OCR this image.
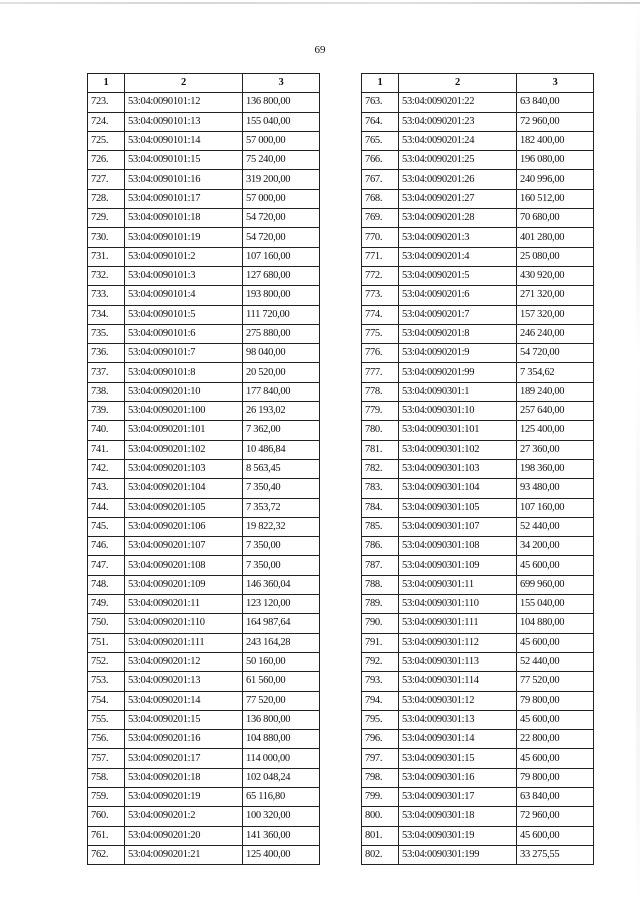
69
1	2	3
723.	53:04:0090101:12	136 800,00
724.	53:04:0090101:13	155 040,00
725.	53:04:0090101:14	57 000,00
726.	53:04:0090101:15	75 240,00
727.	53:04:0090101:16	319 200,00
728.	53:04:0090101:17	57 000,00
729.	53:04:0090101:18	54 720,00
730.	53:04:0090101:19	54 720,00
731.	53:04:0090101:2	107 160,00
732.	53:04:0090101:3	127 680,00
733.	53:04:0090101:4	193 800,00
734.	53:04:0090101:5	111 720,00
735.	53:04:0090101:6	275 880,00
736.	53:04:0090101:7	98 040,00
737.	53:04:0090101:8	20 520,00
738.	53:04:0090201:10	177 840,00
739.	53:04:0090201:100	26 193,02
740.	53:04:0090201:101	7 362,00
741.	53:04:0090201:102	10 486,84
742.	53:04:0090201:103	8 563,45
743.	53:04:0090201:104	7 350,40
744.	53:04:0090201:105	7 353,72
745.	53:04:0090201:106	19 822,32
746.	53:04:0090201:107	7 350,00
747.	53:04:0090201:108	7 350,00
748.	53:04:0090201:109	146 360,04
749.	53:04:0090201:11	123 120,00
750.	53:04:0090201:110	164 987,64
751.	53:04:0090201:111	243 164,28
752.	53:04:0090201:12	50 160,00
753.	53:04:0090201:13	61 560,00
754.	53:04:0090201:14	77 520,00
755.	53:04:0090201:15	136 800,00
756.	53:04:0090201:16	104 880,00
757.	53:04:0090201:17	114 000,00
758.	53:04:0090201:18	102 048,24
759.	53:04:0090201:19	65 116,80
760.	53:04:0090201:2	100 320,00
761.	53:04:0090201:20	141 360,00
762.	53:04:0090201:21	125 400,00
1	2	3
763.	53:04:0090201:22	63 840,00
764.	53:04:0090201:23	72 960,00
765.	53:04:0090201:24	182 400,00
766.	53:04:0090201:25	196 080,00
767.	53:04:0090201:26	240 996,00
768.	53:04:0090201:27	160 512,00
769.	53:04:0090201:28	70 680,00
770.	53:04:0090201:3	401 280,00
771.	53:04:0090201:4	25 080,00
772.	53:04:0090201:5	430 920,00
773.	53:04:0090201:6	271 320,00
774.	53:04:0090201:7	157 320,00
775.	53:04:0090201:8	246 240,00
776.	53:04:0090201:9	54 720,00
777.	53:04:0090201:99	7 354,62
778.	53:04:0090301:1	189 240,00
779.	53:04:0090301:10	257 640,00
780.	53:04:0090301:101	125 400,00
781.	53:04:0090301:102	27 360,00
782.	53:04:0090301:103	198 360,00
783.	53:04:0090301:104	93 480,00
784.	53:04:0090301:105	107 160,00
785.	53:04:0090301:107	52 440,00
786.	53:04:0090301:108	34 200,00
787.	53:04:0090301:109	45 600,00
788.	53:04:0090301:11	699 960,00
789.	53:04:0090301:110	155 040,00
790.	53:04:0090301:111	104 880,00
791.	53:04:0090301:112	45 600,00
792.	53:04:0090301:113	52 440,00
793.	53:04:0090301:114	77 520,00
794.	53:04:0090301:12	79 800,00
795.	53:04:0090301:13	45 600,00
796.	53:04:0090301:14	22 800,00
797.	53:04:0090301:15	45 600,00
798.	53:04:0090301:16	79 800,00
799.	53:04:0090301:17	63 840,00
800.	53:04:0090301:18	72 960,00
801.	53:04:0090301:19	45 600,00
802.	53:04:0090301:199	33 275,55
